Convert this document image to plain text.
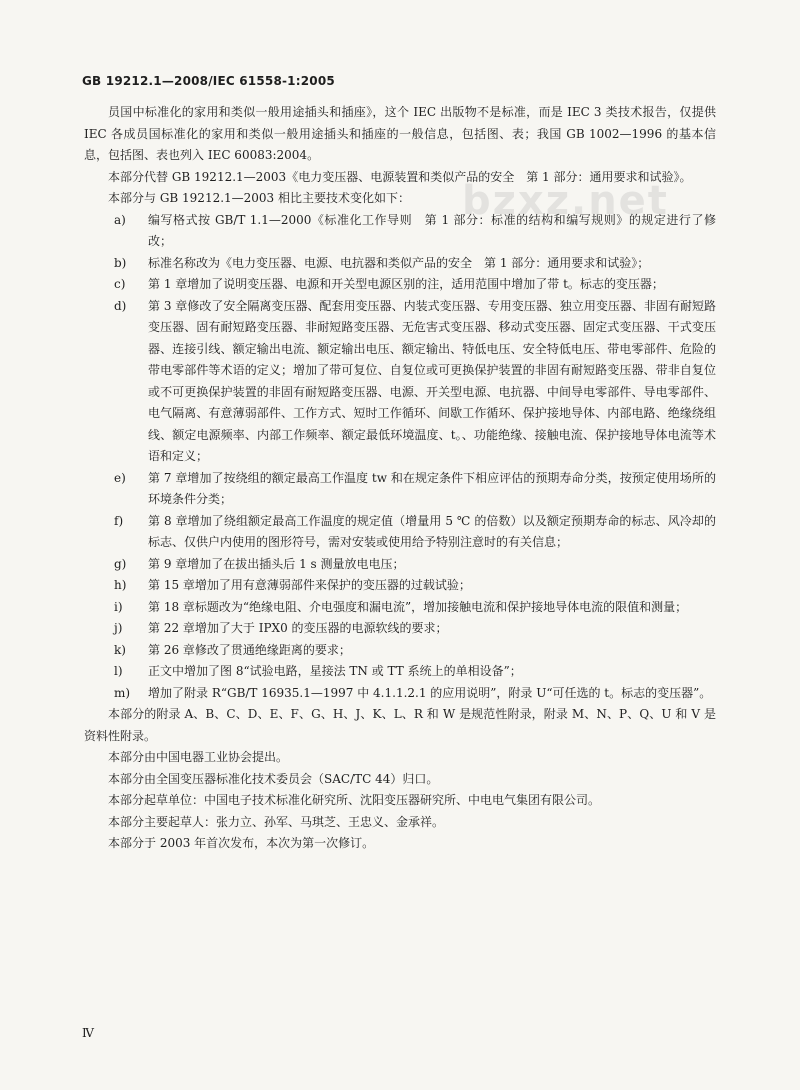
GB 19212.1—2008/IEC 61558-1:2005
bzxz.net

员国中标准化的家用和类似一般用途插头和插座》，这个 IEC 出版物不是标准，而是 IEC 3 类技术报告，仅提供 IEC 各成员国标准化的家用和类似一般用途插头和插座的一般信息，包括图、表；我国 GB 1002—1996 的基本信息，包括图、表也列入 IEC 60083:2004。

本部分代替 GB 19212.1—2003《电力变压器、电源装置和类似产品的安全　第 1 部分：通用要求和试验》。

本部分与 GB 19212.1—2003 相比主要技术变化如下：

a)	编写格式按 GB/T 1.1—2000《标准化工作导则　第 1 部分：标准的结构和编写规则》的规定进行了修改；
b)	标准名称改为《电力变压器、电源、电抗器和类似产品的安全　第 1 部分：通用要求和试验》；
c)	第 1 章增加了说明变压器、电源和开关型电源区别的注，适用范围中增加了带 t。标志的变压器；
d)	第 3 章修改了安全隔离变压器、配套用变压器、内装式变压器、专用变压器、独立用变压器、非固有耐短路变压器、固有耐短路变压器、非耐短路变压器、无危害式变压器、移动式变压器、固定式变压器、干式变压器、连接引线、额定输出电流、额定输出电压、额定输出、特低电压、安全特低电压、带电零部件、危险的带电零部件等术语的定义；增加了带可复位、自复位或可更换保护装置的非固有耐短路变压器、带非自复位或不可更换保护装置的非固有耐短路变压器、电源、开关型电源、电抗器、中间导电零部件、导电零部件、电气隔离、有意薄弱部件、工作方式、短时工作循环、间歇工作循环、保护接地导体、内部电路、绝缘绕组线、额定电源频率、内部工作频率、额定最低环境温度、t。、功能绝缘、接触电流、保护接地导体电流等术语和定义；
e)	第 7 章增加了按绕组的额定最高工作温度 tw 和在规定条件下相应评估的预期寿命分类，按预定使用场所的环境条件分类；
f)	第 8 章增加了绕组额定最高工作温度的规定值（增量用 5 ℃ 的倍数）以及额定预期寿命的标志、风冷却的标志、仅供户内使用的图形符号，需对安装或使用给予特别注意时的有关信息；
g)	第 9 章增加了在拔出插头后 1 s 测量放电电压；
h)	第 15 章增加了用有意薄弱部件来保护的变压器的过载试验；
i)	第 18 章标题改为“绝缘电阻、介电强度和漏电流”，增加接触电流和保护接地导体电流的限值和测量；
j)	第 22 章增加了大于 IPX0 的变压器的电源软线的要求；
k)	第 26 章修改了贯通绝缘距离的要求；
l)	正文中增加了图 8“试验电路，星接法 TN 或 TT 系统上的单相设备”；
m)	增加了附录 R“GB/T 16935.1—1997 中 4.1.1.2.1 的应用说明”，附录 U“可任选的 t。标志的变压器”。

本部分的附录 A、B、C、D、E、F、G、H、J、K、L、R 和 W 是规范性附录，附录 M、N、P、Q、U 和 V 是资料性附录。

本部分由中国电器工业协会提出。

本部分由全国变压器标准化技术委员会（SAC/TC 44）归口。

本部分起草单位：中国电子技术标准化研究所、沈阳变压器研究所、中电电气集团有限公司。

本部分主要起草人：张力立、孙军、马琪芝、王忠义、金承祥。

本部分于 2003 年首次发布，本次为第一次修订。

Ⅳ
